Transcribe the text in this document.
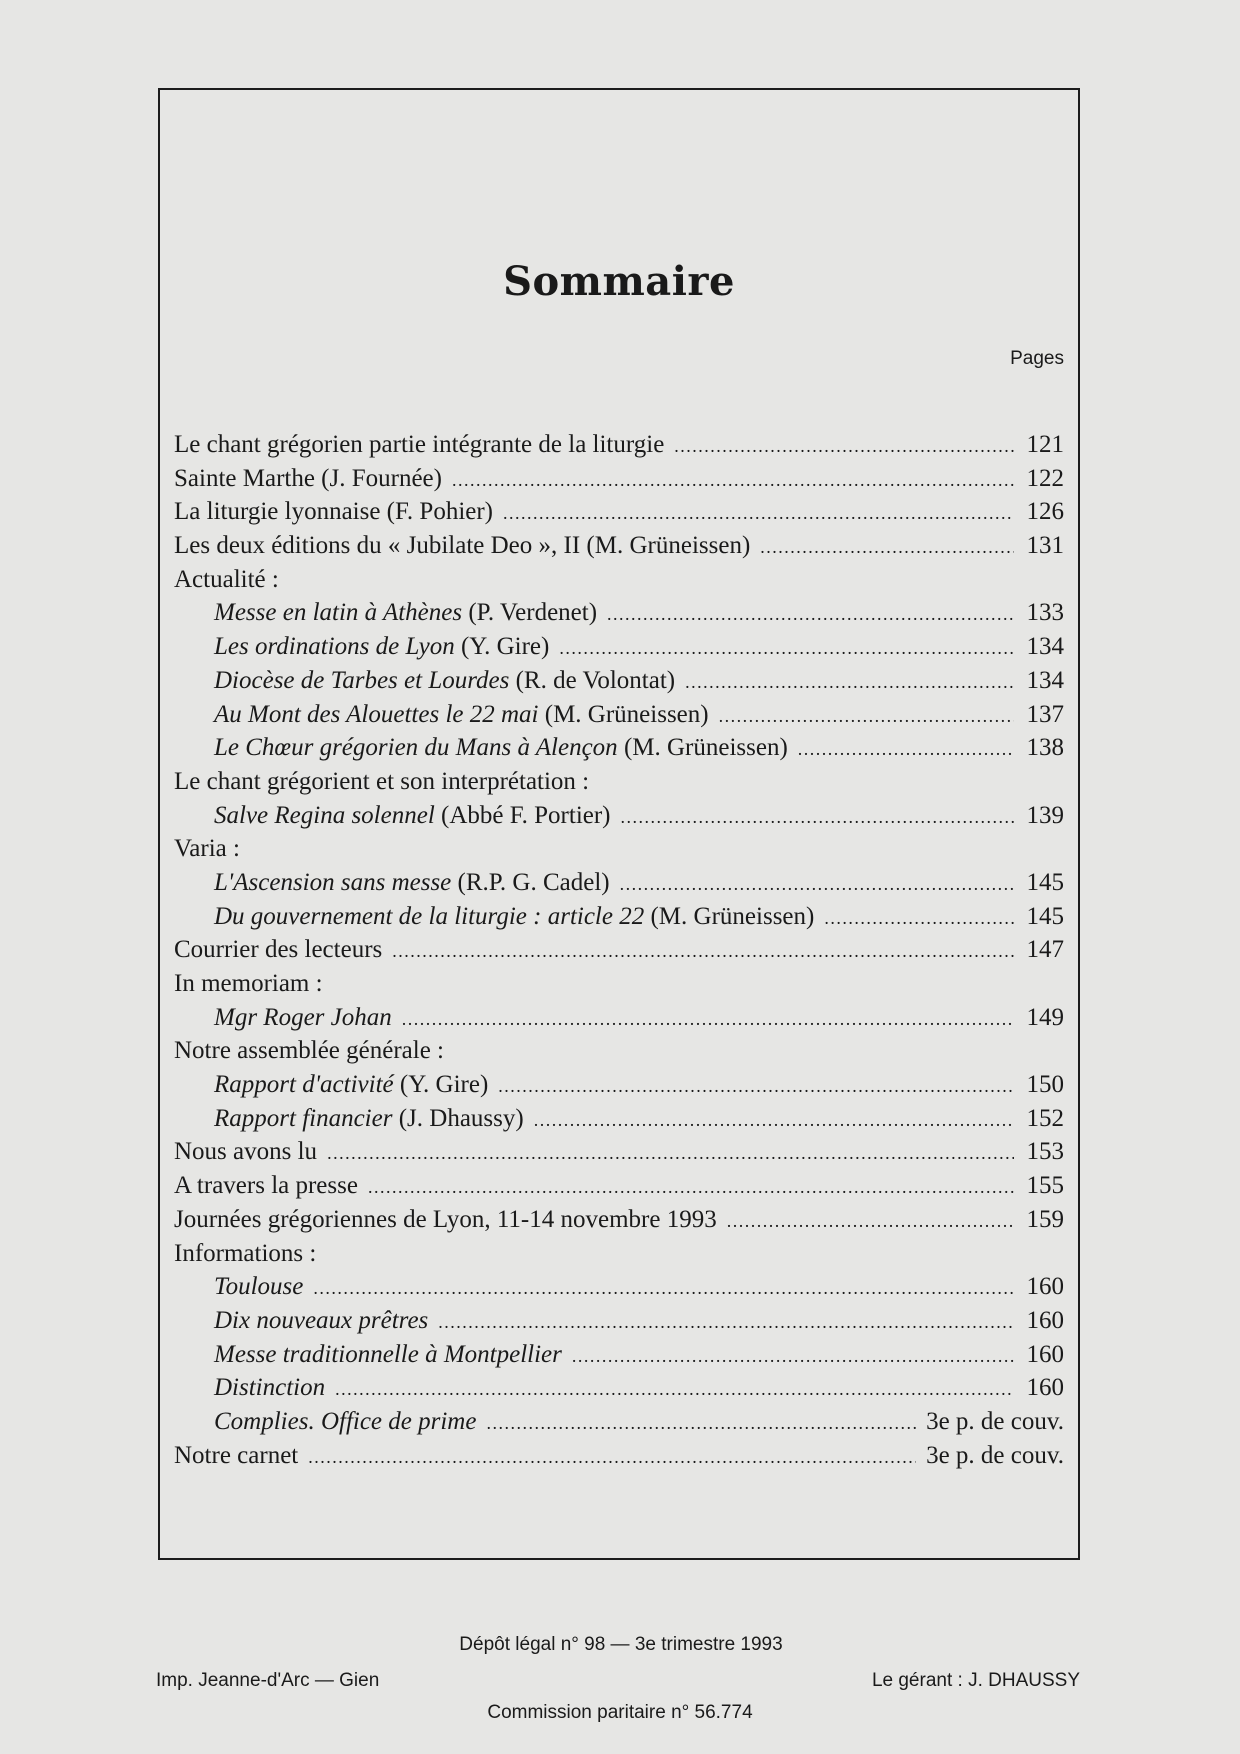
Sommaire
Pages
Le chant grégorien partie intégrante de la liturgie . . .	121
Sainte Marthe (J. Fournée) . . .	122
La liturgie lyonnaise (F. Pohier) . . .	126
Les deux éditions du « Jubilate Deo », II (M. Grüneissen) . . .	131
Actualité :
Messe en latin à Athènes (P. Verdenet) . . .	133
Les ordinations de Lyon (Y. Gire) . . .	134
Diocèse de Tarbes et Lourdes (R. de Volontat) . . .	134
Au Mont des Alouettes le 22 mai (M. Grüneissen) . . .	137
Le Chœur grégorien du Mans à Alençon (M. Grüneissen) . . .	138
Le chant grégorient et son interprétation :
Salve Regina solennel (Abbé F. Portier) . . .	139
Varia :
L'Ascension sans messe (R.P. G. Cadel) . . .	145
Du gouvernement de la liturgie : article 22 (M. Grüneissen) . . .	145
Courrier des lecteurs . . .	147
In memoriam :
Mgr Roger Johan . . .	149
Notre assemblée générale :
Rapport d'activité (Y. Gire) . . .	150
Rapport financier (J. Dhaussy) . . .	152
Nous avons lu . . .	153
A travers la presse . . .	155
Journées grégoriennes de Lyon, 11-14 novembre 1993 . . .	159
Informations :
Toulouse . . .	160
Dix nouveaux prêtres . . .	160
Messe traditionnelle à Montpellier . . .	160
Distinction . . .	160
Complies. Office de prime . . .	3e p. de couv.
Notre carnet . . .	3e p. de couv.
Dépôt légal n° 98 — 3e trimestre 1993
Imp. Jeanne-d'Arc — Gien	Le gérant : J. DHAUSSY
Commission paritaire n° 56.774
